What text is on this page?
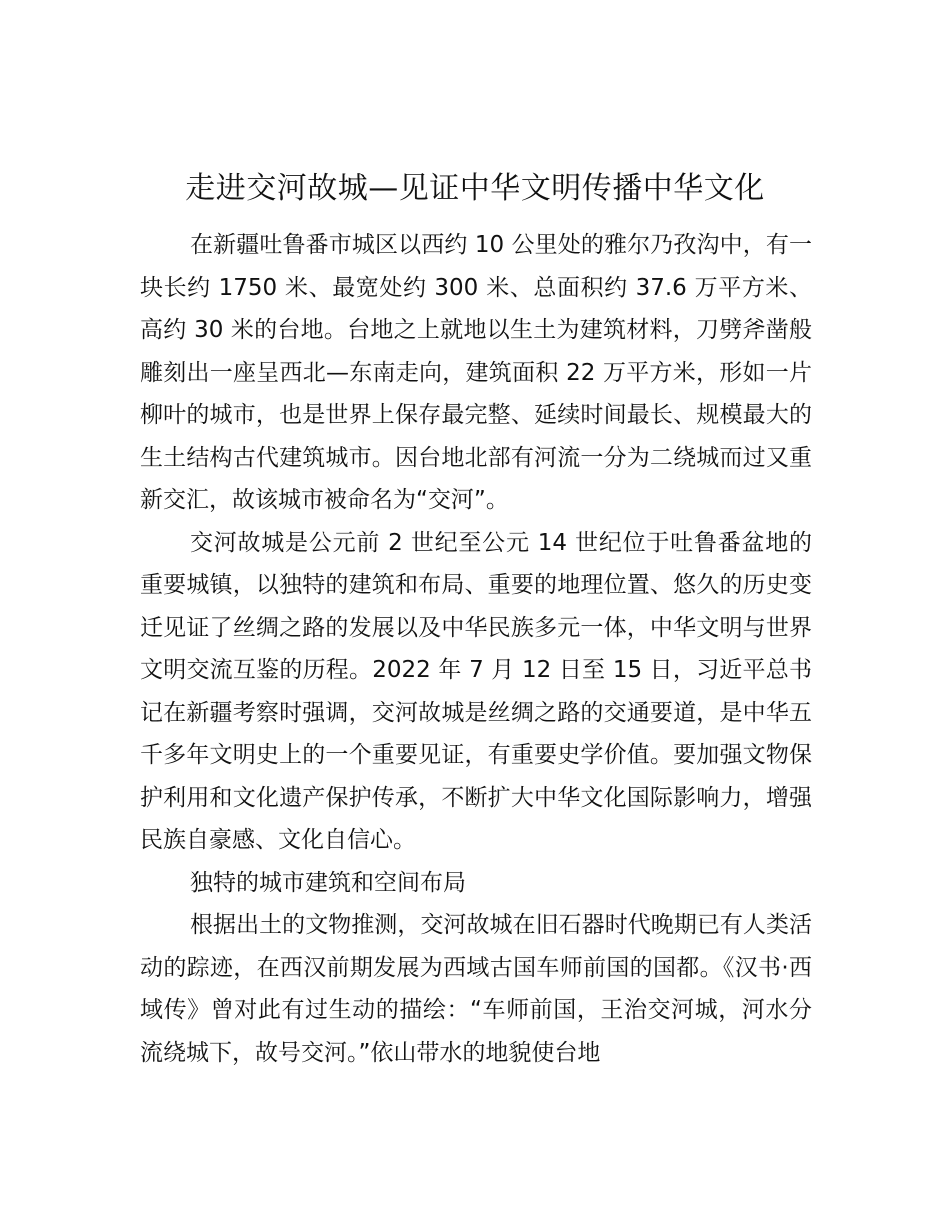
走进交河故城—见证中华文明传播中华文化

在新疆吐鲁番市城区以西约 10 公里处的雅尔乃孜沟中，有一块长约 1750 米、最宽处约 300 米、总面积约 37.6 万平方米、高约 30 米的台地。台地之上就地以生土为建筑材料，刀劈斧凿般雕刻出一座呈西北—东南走向，建筑面积 22 万平方米，形如一片柳叶的城市，也是世界上保存最完整、延续时间最长、规模最大的生土结构古代建筑城市。因台地北部有河流一分为二绕城而过又重新交汇，故该城市被命名为“交河”。

交河故城是公元前 2 世纪至公元 14 世纪位于吐鲁番盆地的重要城镇，以独特的建筑和布局、重要的地理位置、悠久的历史变迁见证了丝绸之路的发展以及中华民族多元一体，中华文明与世界文明交流互鉴的历程。2022 年 7 月 12 日至 15 日，习近平总书记在新疆考察时强调，交河故城是丝绸之路的交通要道，是中华五千多年文明史上的一个重要见证，有重要史学价值。要加强文物保护利用和文化遗产保护传承，不断扩大中华文化国际影响力，增强民族自豪感、文化自信心。

独特的城市建筑和空间布局

根据出土的文物推测，交河故城在旧石器时代晚期已有人类活动的踪迹，在西汉前期发展为西域古国车师前国的国都。《汉书·西域传》曾对此有过生动的描绘：“车师前国，王治交河城，河水分流绕城下，故号交河。”依山带水的地貌使台地
